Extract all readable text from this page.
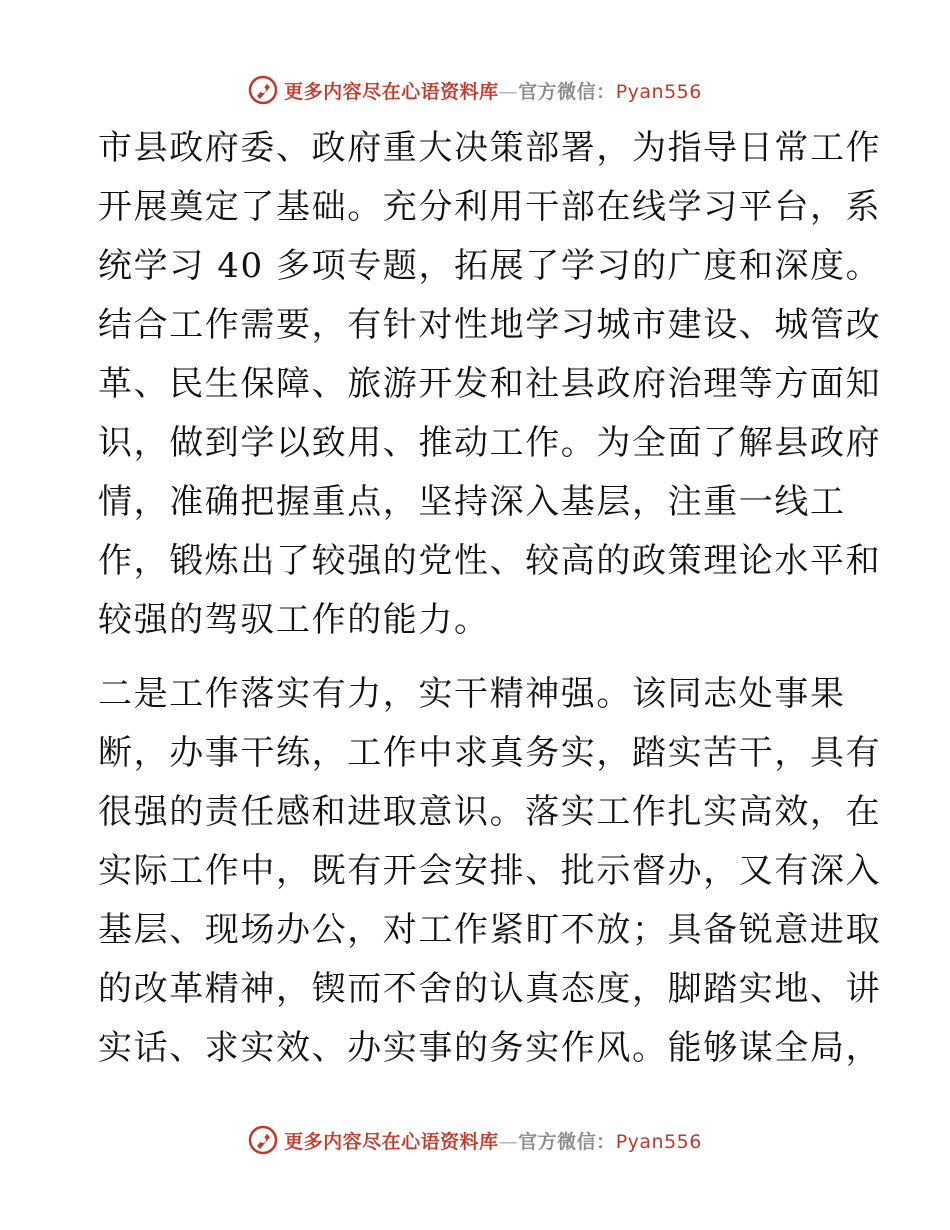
更多内容尽在心语资料库—官方微信：Pyan556
市县政府委、政府重大决策部署，为指导日常工作
开展奠定了基础。充分利用干部在线学习平台，系
统学习 40 多项专题，拓展了学习的广度和深度。
结合工作需要，有针对性地学习城市建设、城管改
革、民生保障、旅游开发和社县政府治理等方面知
识，做到学以致用、推动工作。为全面了解县政府
情，准确把握重点，坚持深入基层，注重一线工
作，锻炼出了较强的党性、较高的政策理论水平和
较强的驾驭工作的能力。
二是工作落实有力，实干精神强。该同志处事果
断，办事干练，工作中求真务实，踏实苦干，具有
很强的责任感和进取意识。落实工作扎实高效，在
实际工作中，既有开会安排、批示督办，又有深入
基层、现场办公，对工作紧盯不放；具备锐意进取
的改革精神，锲而不舍的认真态度，脚踏实地、讲
实话、求实效、办实事的务实作风。能够谋全局，
更多内容尽在心语资料库—官方微信：Pyan556
